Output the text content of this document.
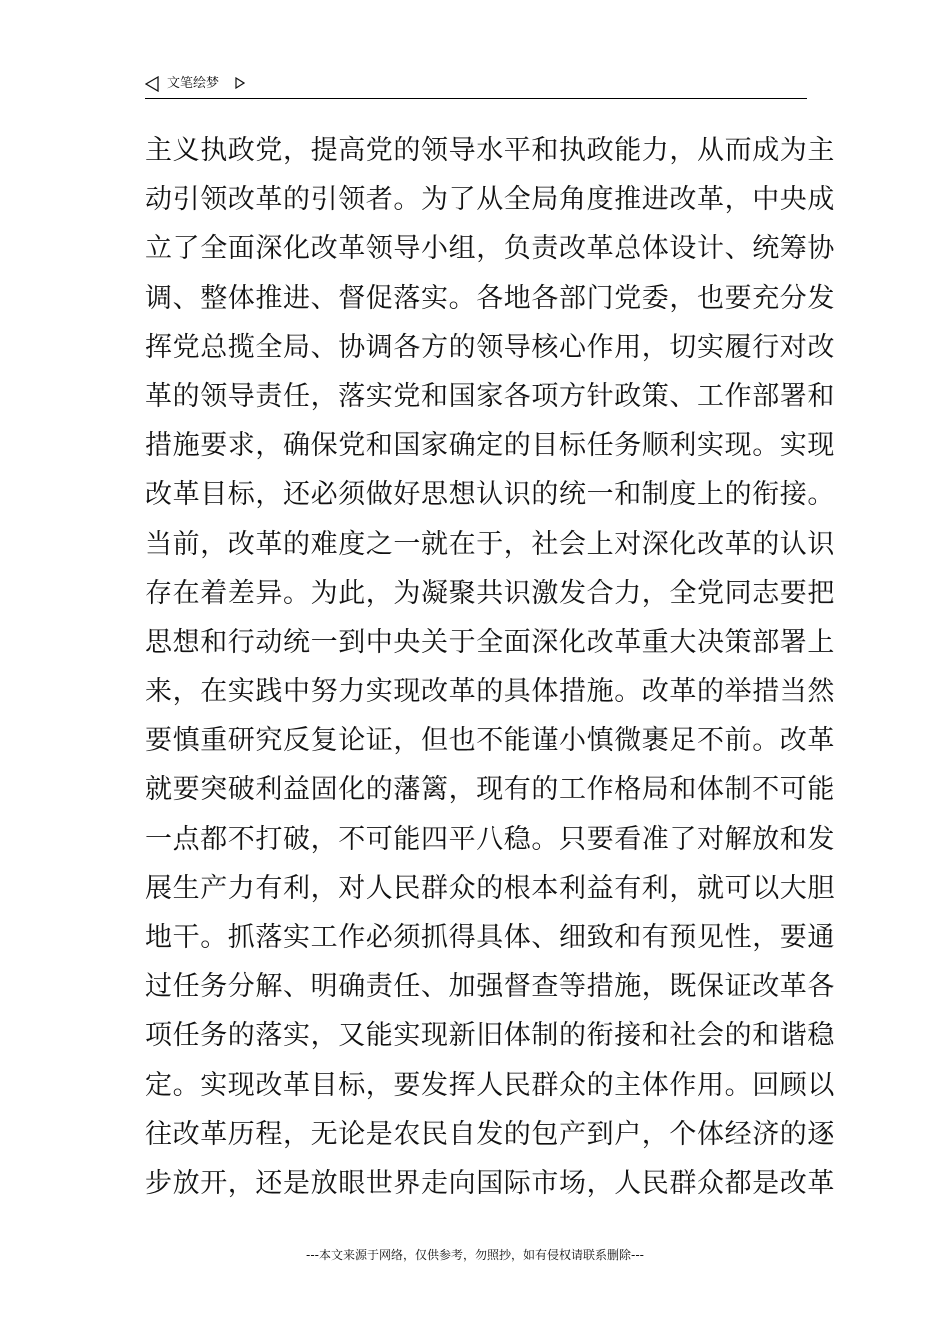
文笔绘梦
主义执政党，提高党的领导水平和执政能力，从而成为主
动引领改革的引领者。为了从全局角度推进改革，中央成
立了全面深化改革领导小组，负责改革总体设计、统筹协
调、整体推进、督促落实。各地各部门党委，也要充分发
挥党总揽全局、协调各方的领导核心作用，切实履行对改
革的领导责任，落实党和国家各项方针政策、工作部署和
措施要求，确保党和国家确定的目标任务顺利实现。实现
改革目标，还必须做好思想认识的统一和制度上的衔接。
当前，改革的难度之一就在于，社会上对深化改革的认识
存在着差异。为此，为凝聚共识激发合力，全党同志要把
思想和行动统一到中央关于全面深化改革重大决策部署上
来，在实践中努力实现改革的具体措施。改革的举措当然
要慎重研究反复论证，但也不能谨小慎微裹足不前。改革
就要突破利益固化的藩篱，现有的工作格局和体制不可能
一点都不打破，不可能四平八稳。只要看准了对解放和发
展生产力有利，对人民群众的根本利益有利，就可以大胆
地干。抓落实工作必须抓得具体、细致和有预见性，要通
过任务分解、明确责任、加强督查等措施，既保证改革各
项任务的落实，又能实现新旧体制的衔接和社会的和谐稳
定。实现改革目标，要发挥人民群众的主体作用。回顾以
往改革历程，无论是农民自发的包产到户，个体经济的逐
步放开，还是放眼世界走向国际市场，人民群众都是改革
---本文来源于网络，仅供参考，勿照抄，如有侵权请联系删除---
